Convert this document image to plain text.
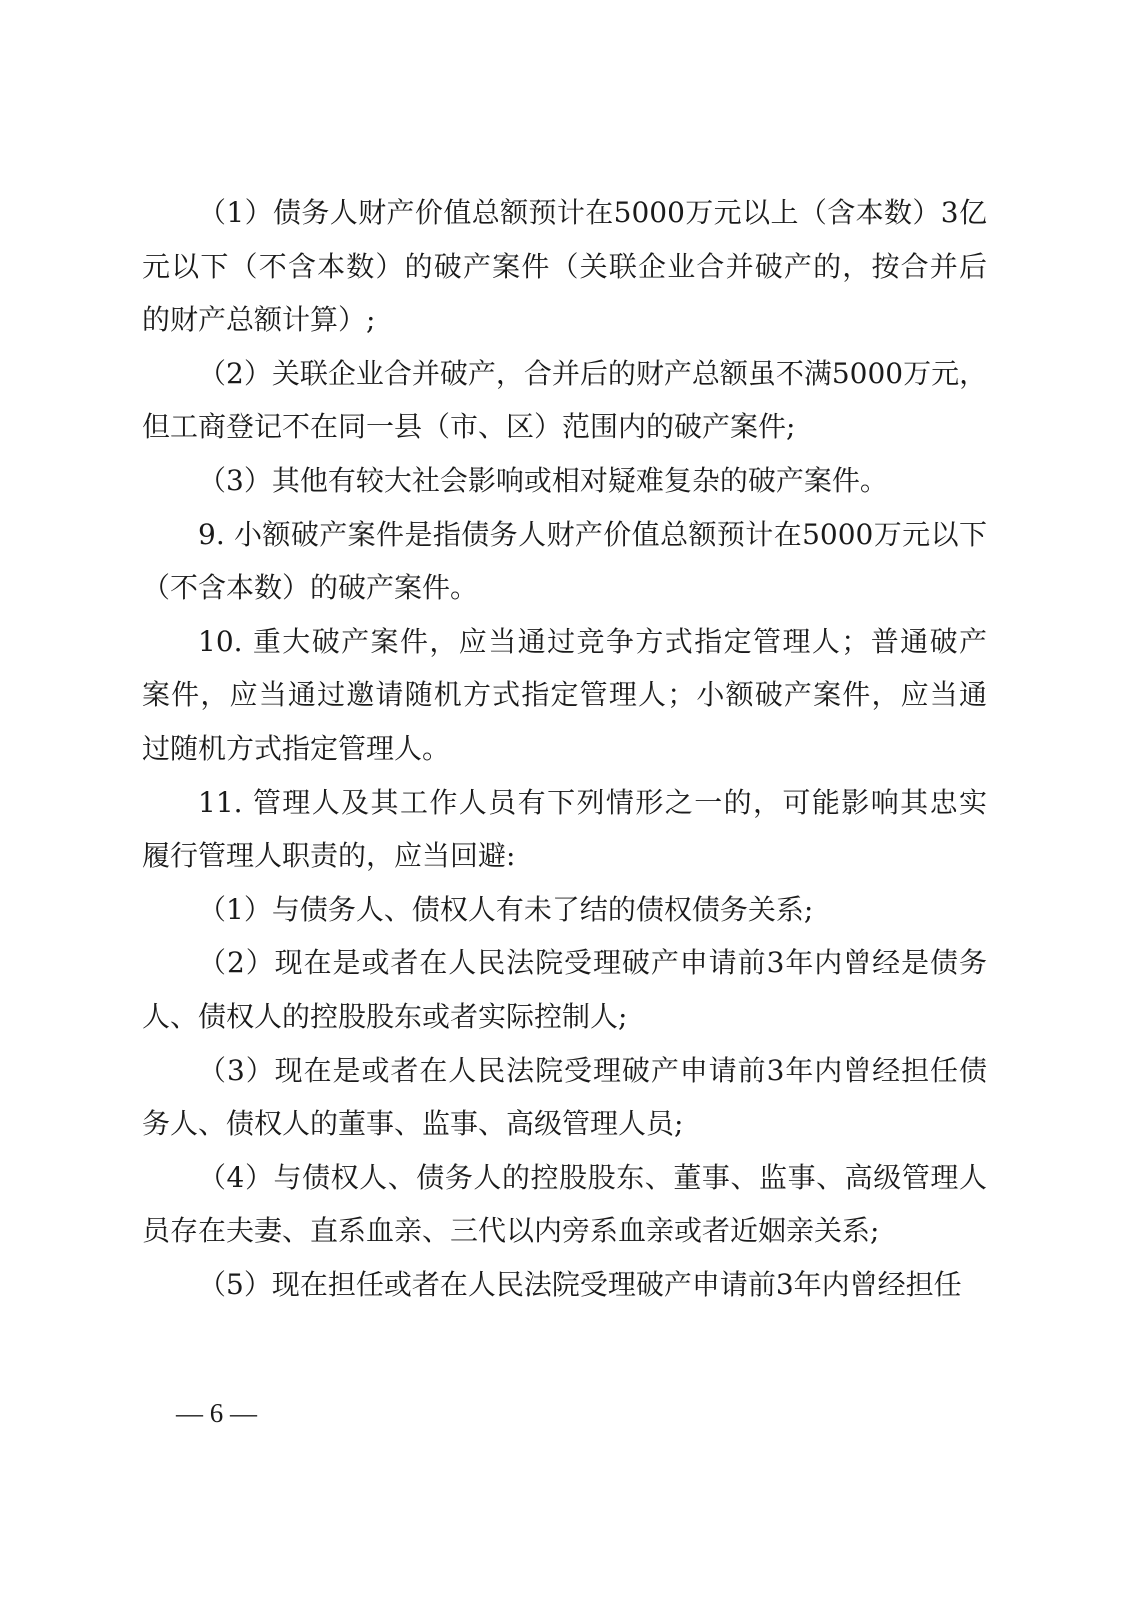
（1）债务人财产价值总额预计在5000万元以上（含本数）3亿
元以下（不含本数）的破产案件（关联企业合并破产的，按合并后
的财产总额计算）;

（2）关联企业合并破产，合并后的财产总额虽不满5000万元，
但工商登记不在同一县（市、区）范围内的破产案件;

（3）其他有较大社会影响或相对疑难复杂的破产案件。

9. 小额破产案件是指债务人财产价值总额预计在5000万元以下
（不含本数）的破产案件。

10. 重大破产案件，应当通过竞争方式指定管理人；普通破产
案件，应当通过邀请随机方式指定管理人；小额破产案件，应当通
过随机方式指定管理人。

11. 管理人及其工作人员有下列情形之一的，可能影响其忠实
履行管理人职责的，应当回避:

（1）与债务人、债权人有未了结的债权债务关系;

（2）现在是或者在人民法院受理破产申请前3年内曾经是债务
人、债权人的控股股东或者实际控制人;

（3）现在是或者在人民法院受理破产申请前3年内曾经担任债
务人、债权人的董事、监事、高级管理人员;

（4）与债权人、债务人的控股股东、董事、监事、高级管理人
员存在夫妻、直系血亲、三代以内旁系血亲或者近姻亲关系;

（5）现在担任或者在人民法院受理破产申请前3年内曾经担任

— 6 —
